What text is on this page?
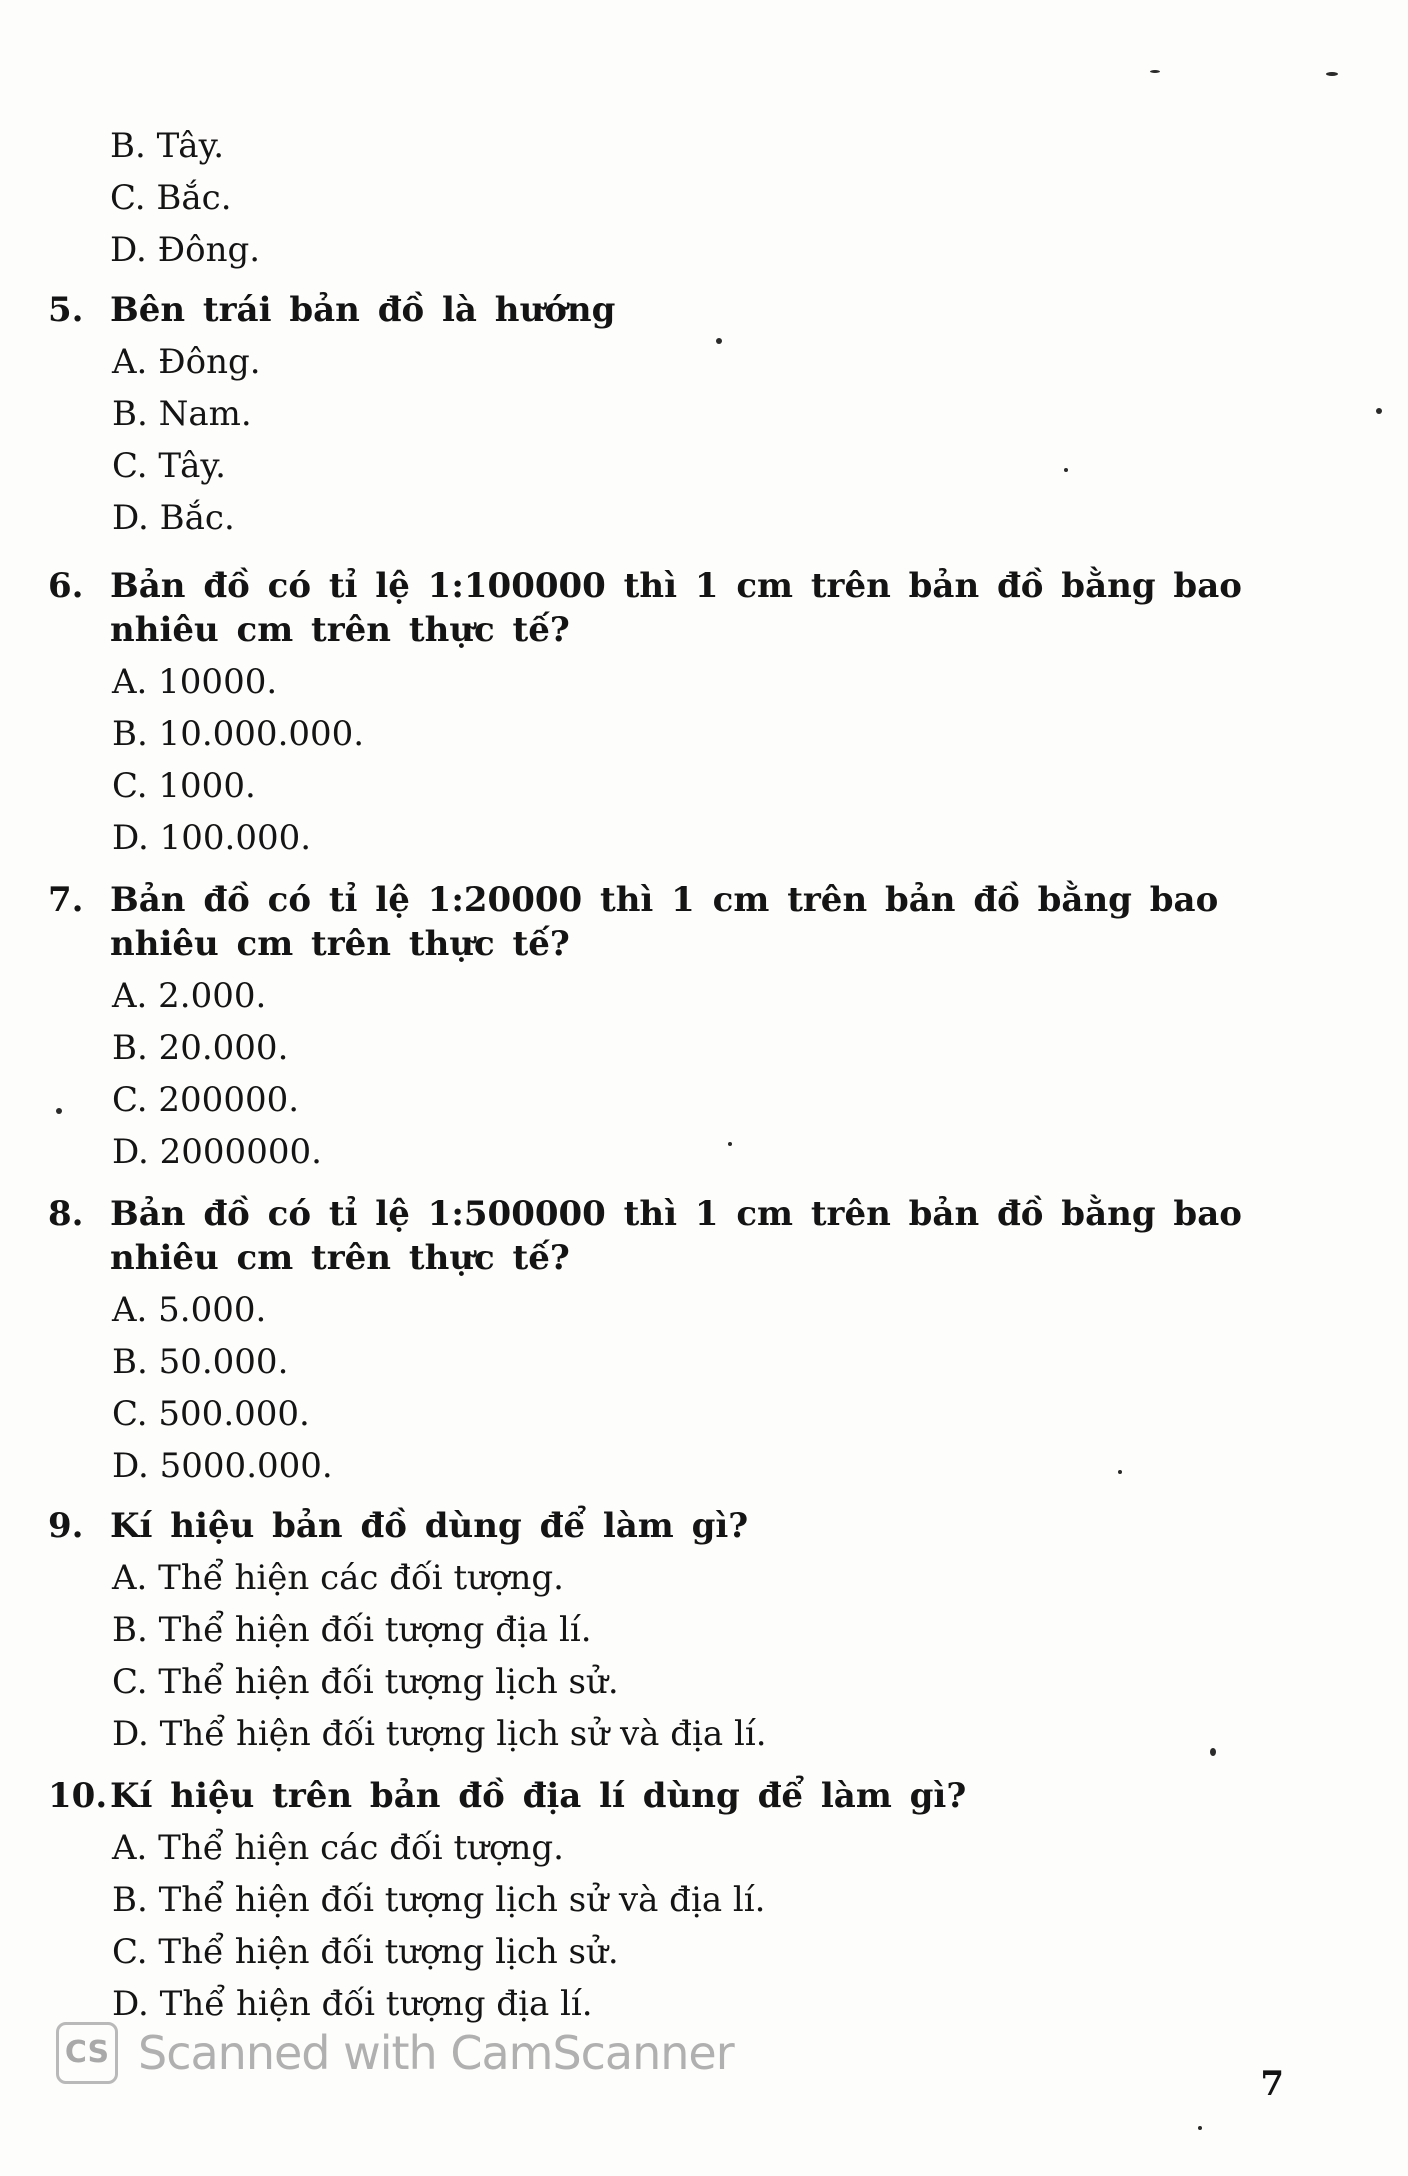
B. Tây.
C. Bắc.
D. Đông.
5. Bên trái bản đồ là hướng
A. Đông.
B. Nam.
C. Tây.
D. Bắc.
6. Bản đồ có tỉ lệ 1:100000 thì 1 cm trên bản đồ bằng bao nhiêu cm trên thực tế?
A. 10000.
B. 10.000.000.
C. 1000.
D. 100.000.
7. Bản đồ có tỉ lệ 1:20000 thì 1 cm trên bản đồ bằng bao nhiêu cm trên thực tế?
A. 2.000.
B. 20.000.
C. 200000.
D. 2000000.
8. Bản đồ có tỉ lệ 1:500000 thì 1 cm trên bản đồ bằng bao nhiêu cm trên thực tế?
A. 5.000.
B. 50.000.
C. 500.000.
D. 5000.000.
9. Kí hiệu bản đồ dùng để làm gì?
A. Thể hiện các đối tượng.
B. Thể hiện đối tượng địa lí.
C. Thể hiện đối tượng lịch sử.
D. Thể hiện đối tượng lịch sử và địa lí.
10. Kí hiệu trên bản đồ địa lí dùng để làm gì?
A. Thể hiện các đối tượng.
B. Thể hiện đối tượng lịch sử và địa lí.
C. Thể hiện đối tượng lịch sử.
D. Thể hiện đối tượng địa lí.
CS Scanned with CamScanner
7
